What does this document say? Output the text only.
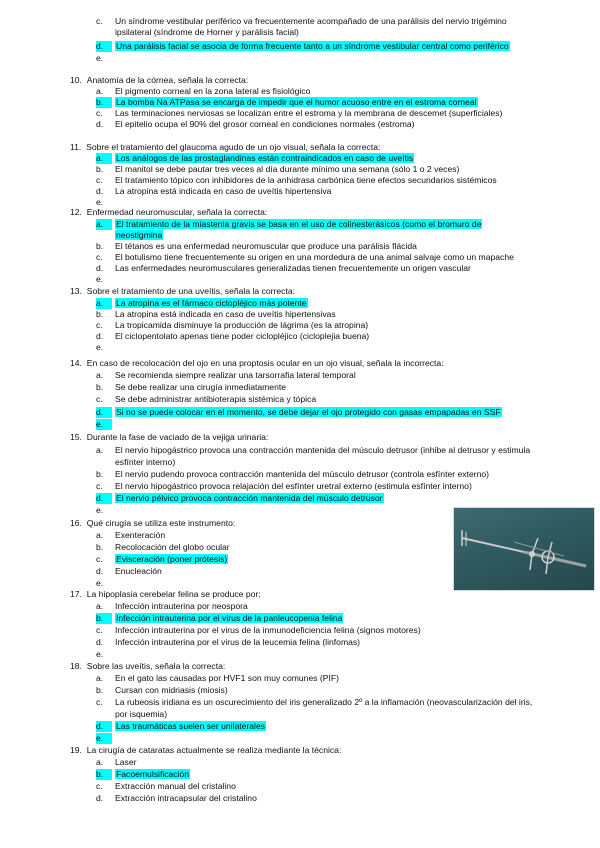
c.	Un síndrome vestibular periférico va frecuentemente acompañado de una parálisis del nervio trigémino ipsilateral (síndrome de Horner y parálisis facial)
d.	Una parálisis facial se asocia de forma frecuente tanto a un síndrome vestibular central como periférico
e.
10. Anatomía de la córnea, señala la correcta:
a.	El pigmento corneal en la zona lateral es fisiológico
b.	La bomba Na ATPasa se encarga de impedir que el humor acuoso entre en el estroma corneal
c.	Las terminaciones nerviosas se localizan entre el estroma y la membrana de descemet (superficiales)
d.	El epitelio ocupa el 90% del grosor corneal en condiciones normales (estroma)
11. Sobre el tratamiento del glaucoma agudo de un ojo visual, señala la correcta:
a.	Los análogos de las prostaglandinas están contraindicados en caso de uveítis
b.	El manitol se debe pautar tres veces al día durante mínimo una semana (sólo 1 o 2 veces)
c.	El tratamiento tópico con inhibidores de la anhidrasa carbónica tiene efectos secundarios sistémicos
d.	La atropina está indicada en caso de uveítis hipertensiva
e.
12. Enfermedad neuromuscular, señala la correcta:
a.	El tratamiento de la miastenia gravis se basa en el uso de colinesterásicos (como el bromuro de
neostigmina
b.	El tétanos es una enfermedad neuromuscular que produce una parálisis flácida
c.	El botulismo tiene frecuentemente su origen en una mordedura de una animal salvaje como un mapache
d.	Las enfermedades neuromusculares generalizadas tienen frecuentemente un origen vascular
e.
13. Sobre el tratamiento de una uveítis, señala la correcta:
a.	La atropina es el fármaco ciclopléjico más potente
b.	La atropina está indicada en caso de uveítis hipertensivas
c.	La tropicamida disminuye la producción de lágrima (es la atropina)
d.	El ciclopentolato apenas tiene poder ciclopléjico (cicloplejia buena)
e.
14. En caso de recolocación del ojo en una proptosis ocular en un ojo visual, señala la incorrecta:
a.	Se recomienda siempre realizar una tarsorrafia lateral temporal
b.	Se debe realizar una cirugía inmediatamente
c.	Se debe administrar antibioterapia sistémica y tópica
d.	Si no se puede colocar en el momento, se debe dejar el ojo protegido con gasas empapadas en SSF
e.
15. Durante la fase de vaciado de la vejiga urinaria:
a.	El nervio hipogástrico provoca una contracción mantenida del músculo detrusor (inhibe al detrusor y estimula
esfínter interno)
b.	El nervio pudendo provoca contracción mantenida del músculo detrusor (controla esfínter externo)
c.	El nervio hipogástrico provoca relajación del esfínter uretral externo (estimula esfínter interno)
d.	El nervio pélvico provoca contracción mantenida del músculo detrusor
e.
16. Qué cirugía se utiliza este instrumento:
a.	Exenteración
b.	Recolocación del globo ocular
c.	Evisceración (poner prótesis)
d.	Enucleación
e.
17. La hipoplasia cerebelar felina se produce por:
a.	Infección intrauterina por neospora
b.	Infección intrauterina por el virus de la panleucopenia felina
c.	Infección intrauterina por el virus de la inmunodeficiencia felina (signos motores)
d.	Infección intrauterina por el virus de la leucemia felina (linfomas)
e.
18. Sobre las uveítis, señala la correcta:
a.	En el gato las causadas por HVF1 son muy comunes (PIF)
b.	Cursan con midriasis (miosis)
c.	La rubeosis iridiana es un oscurecimiento del iris generalizado 2º a la inflamación (neovascularización del iris,
por isquemia)
d.	Las traumáticas suelen ser unilaterales
e.
19. La cirugía de cataratas actualmente se realiza mediante la técnica:
a.	Laser
b.	Facoemulsificación
c.	Extracción manual del cristalino
d.	Extracción intracapsular del cristalino
